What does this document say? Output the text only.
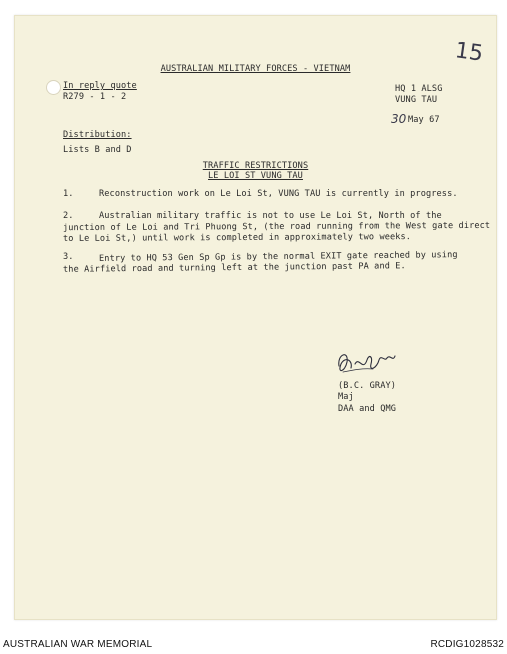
AUSTRALIAN MILITARY FORCES - VIETNAM
In reply quote
R279 - 1 - 2
HQ 1 ALSG
VUNG TAU
30 May 67
15
Distribution:
Lists B and D
TRAFFIC RESTRICTIONS
LE LOI ST VUNG TAU
1.	Reconstruction work on Le Loi St, VUNG TAU is currently in progress.
2.	Australian military traffic is not to use Le Loi St, North of the
junction of Le Loi and Tri Phuong St, (the road running from the West gate direct
to Le Loi St,) until work is completed in approximately two weeks.
3.	Entry to HQ 53 Gen Sp Gp is by the normal EXIT gate reached by using
the Airfield road and turning left at the junction past PA and E.
(B.C. GRAY)
Maj
DAA and QMG
AUSTRALIAN WAR MEMORIAL	RCDIG1028532
